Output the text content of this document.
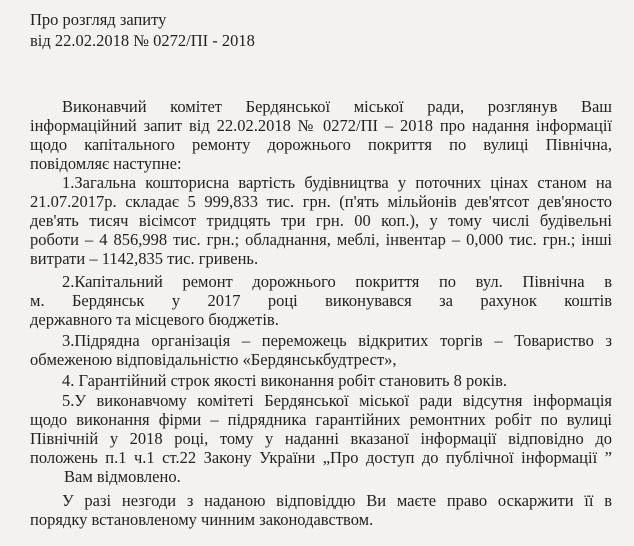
Про розгляд запиту
від 22.02.2018 № 0272/ПІ - 2018
Виконавчий комітет Бердянської міської ради, розглянув Ваш
інформаційний запит від 22.02.2018 № 0272/ПІ – 2018 про надання інформації
щодо капітального ремонту дорожнього покриття по вулиці Північна,
повідомляє наступне:
1.Загальна кошторисна вартість будівництва у поточних цінах станом на
21.07.2017р. складає 5 999,833 тис. грн. (п'ять мільйонів дев'ятсот дев'яносто
дев'ять тисяч вісімсот тридцять три грн. 00 коп.), у тому числі будівельні
роботи – 4 856,998 тис. грн.; обладнання, меблі, інвентар – 0,000 тис. грн.; інші
витрати – 1142,835 тис. гривень.
2.Капітальний ремонт дорожнього покриття по вул. Північна в
м. Бердянськ у 2017 році виконувався за рахунок коштів
державного та місцевого бюджетів.
3.Підрядна організація – переможець відкритих торгів – Товариство з
обмеженою відповідальністю «Бердянськбудтрест»,
4. Гарантійний строк якості виконання робіт становить 8 років.
5.У виконавчому комітеті Бердянської міської ради відсутня інформація
щодо виконання фірми – підрядника гарантійних ремонтних робіт по вулиці
Північній у 2018 році, тому у наданні вказаної інформації відповідно до
положень п.1 ч.1 ст.22 Закону України „Про доступ до публічної інформації ”
Вам відмовлено.
У разі незгоди з наданою відповіддю Ви маєте право оскаржити її в
порядку встановленому чинним законодавством.
